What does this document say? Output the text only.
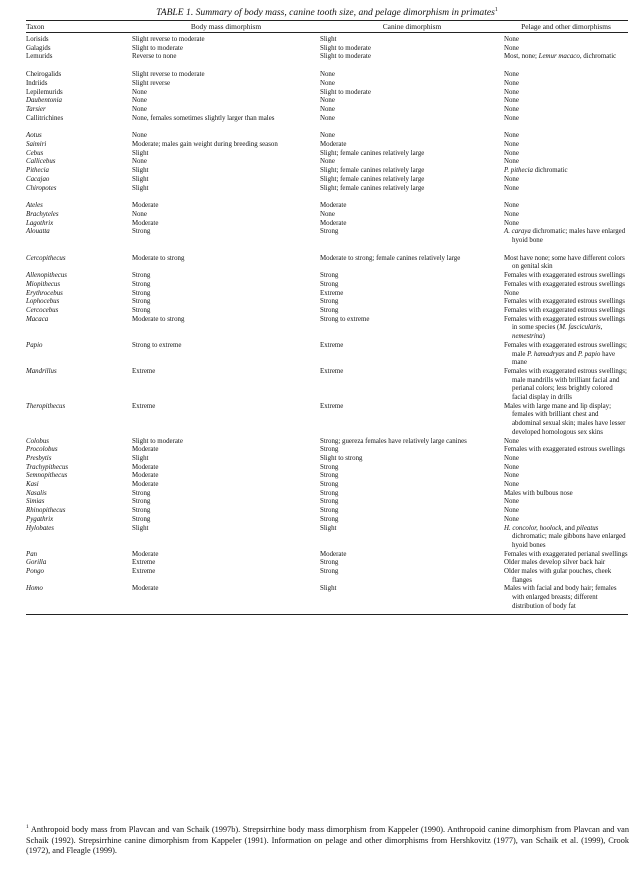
TABLE 1. Summary of body mass, canine tooth size, and pelage dimorphism in primates$^1$

Taxon	Body mass dimorphism	Canine dimorphism	Pelage and other dimorphisms
Lorisids	Slight reverse to moderate	Slight	None
Galagids	Slight to moderate	Slight to moderate	None
Lemurids	Reverse to none	Slight to moderate	Most, none; Lemur macaco, dichromatic
Cheirogalids	Slight reverse to moderate	None	None
Indriids	Slight reverse	None	None
Lepilemurids	None	Slight to moderate	None
Daubentonia	None	None	None
Tarsier	None	None	None
Callitrichines	None, females sometimes slightly larger than males	None	None
Aotus	None	None	None
Saimiri	Moderate; males gain weight during breeding season	Moderate	None
Cebus	Slight	Slight; female canines relatively large	None
Callicebus	None	None	None
Pithecia	Slight	Slight; female canines relatively large	P. pithecia dichromatic
Cacajao	Slight	Slight; female canines relatively large	None
Chiropotes	Slight	Slight; female canines relatively large	None
Ateles	Moderate	Moderate	None
Brachyteles	None	None	None
Lagothrix	Moderate	Moderate	None
Alouatta	Strong	Strong	A. caraya dichromatic; males have enlarged hyoid bone
Cercopithecus	Moderate to strong	Moderate to strong; female canines relatively large	Most have none; some have different colors on genital skin
Allenopithecus	Strong	Strong	Females with exaggerated estrous swellings
Miopithecus	Strong	Strong	Females with exaggerated estrous swellings
Erythrocebus	Strong	Extreme	None
Lophocebus	Strong	Strong	Females with exaggerated estrous swellings
Cercocebus	Strong	Strong	Females with exaggerated estrous swellings
Macaca	Moderate to strong	Strong to extreme	Females with exaggerated estrous swellings in some species (M. fascicularis, nemestrina)
Papio	Strong to extreme	Extreme	Females with exaggerated estrous swellings; male P. hamadryas and P. papio have mane
Mandrillus	Extreme	Extreme	Females with exaggerated estrous swellings; male mandrills with brilliant facial and perianal colors; less brightly colored facial display in drills
Theropithecus	Extreme	Extreme	Males with large mane and lip display; females with brilliant chest and abdominal sexual skin; males have lesser developed homologous sex skins
Colobus	Slight to moderate	Strong; guereza females have relatively large canines	None
Procolobus	Moderate	Strong	Females with exaggerated estrous swellings
Presbytis	Slight	Slight to strong	None
Trachypithecus	Moderate	Strong	None
Semnopithecus	Moderate	Strong	None
Kasi	Moderate	Strong	None
Nasalis	Strong	Strong	Males with bulbous nose
Simias	Strong	Strong	None
Rhinopithecus	Strong	Strong	None
Pygathrix	Strong	Strong	None
Hylobates	Slight	Slight	H. concolor, hoolock, and pileatus dichromatic; male gibbons have enlarged hyoid bones
Pan	Moderate	Moderate	Females with exaggerated perianal swellings
Gorilla	Extreme	Strong	Older males develop silver back hair
Pongo	Extreme	Strong	Older males with gular pouches, cheek flanges
Homo	Moderate	Slight	Males with facial and body hair; females with enlarged breasts; different distribution of body fat
$^1$ Anthropoid body mass from Plavcan and van Schaik (1997b). Strepsirrhine body mass dimorphism from Kappeler (1990). Anthropoid canine dimorphism from Plavcan and van Schaik (1992). Strepsirrhine canine dimorphism from Kappeler (1991). Information on pelage and other dimorphisms from Hershkovitz (1977), van Schaik et al. (1999), Crook (1972), and Fleagle (1999).
